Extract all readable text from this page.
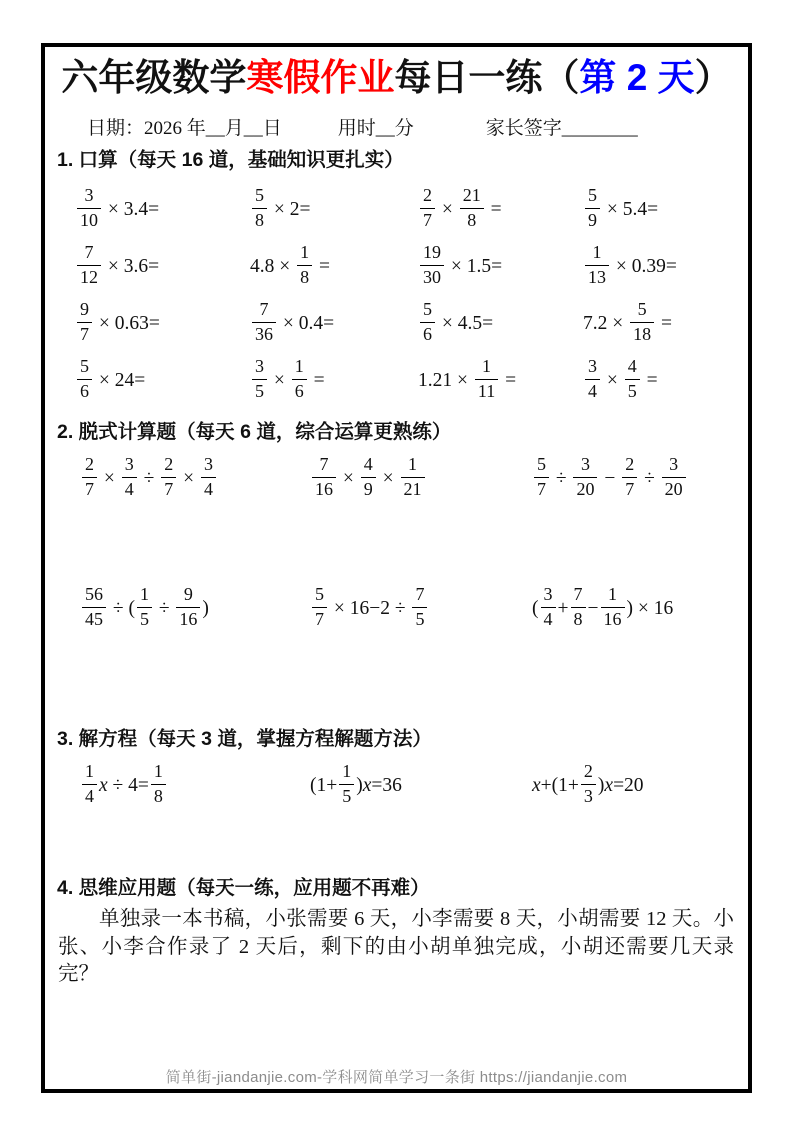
六年级数学寒假作业每日一练（第 2 天）
日期：2026 年__月__日	用时__分	家长签字________
1. 口算（每天 16 道，基础知识更扎实）
$\frac{3}{10} \times 3.4=$	$\frac{5}{8} \times 2=$	$\frac{2}{7} \times \frac{21}{8}$ =	$\frac{5}{9} \times 5.4=$
$\frac{7}{12} \times 3.6=$	$4.8 \times \frac{1}{8}$ =	$\frac{19}{30} \times 1.5=$	$\frac{1}{13} \times 0.39=$
$\frac{9}{7} \times 0.63=$	$\frac{7}{36} \times 0.4=$	$\frac{5}{6} \times 4.5=$	$7.2 \times \frac{5}{18}$ =
$\frac{5}{6} \times 24=$	$\frac{3}{5} \times \frac{1}{6}$ =	$1.21 \times \frac{1}{11}$ =	$\frac{3}{4} \times \frac{4}{5}$ =
2. 脱式计算题（每天 6 道，综合运算更熟练）
$\frac{2}{7} \times \frac{3}{4} \div \frac{2}{7} \times \frac{3}{4}$	$\frac{7}{16} \times \frac{4}{9} \times \frac{1}{21}$	$\frac{5}{7} \div \frac{3}{20} - \frac{2}{7} \div \frac{3}{20}$
$\frac{56}{45}$ ÷ ( $\frac{1}{5} \div \frac{9}{16}$ )	$\frac{5}{7} \times 16-2 \div \frac{7}{5}$	( $\frac{3}{4} + \frac{7}{8} - \frac{1}{16}$ ) × 16
3. 解方程（每天 3 道，掌握方程解题方法）
$\frac{1}{4}$ $x \div 4= \frac{1}{8}$	$(1+ \frac{1}{5} )x=36$	$x+(1+ \frac{2}{3} )x=20$
4. 思维应用题（每天一练，应用题不再难）

单独录一本书稿，小张需要 6 天，小李需要 8 天，小胡需要 12 天。小张、小李合作录了 2 天后，剩下的由小胡单独完成，小胡还需要几天录完？

简单街-jiandanjie.com-学科网简单学习一条街 https://jiandanjie.com
